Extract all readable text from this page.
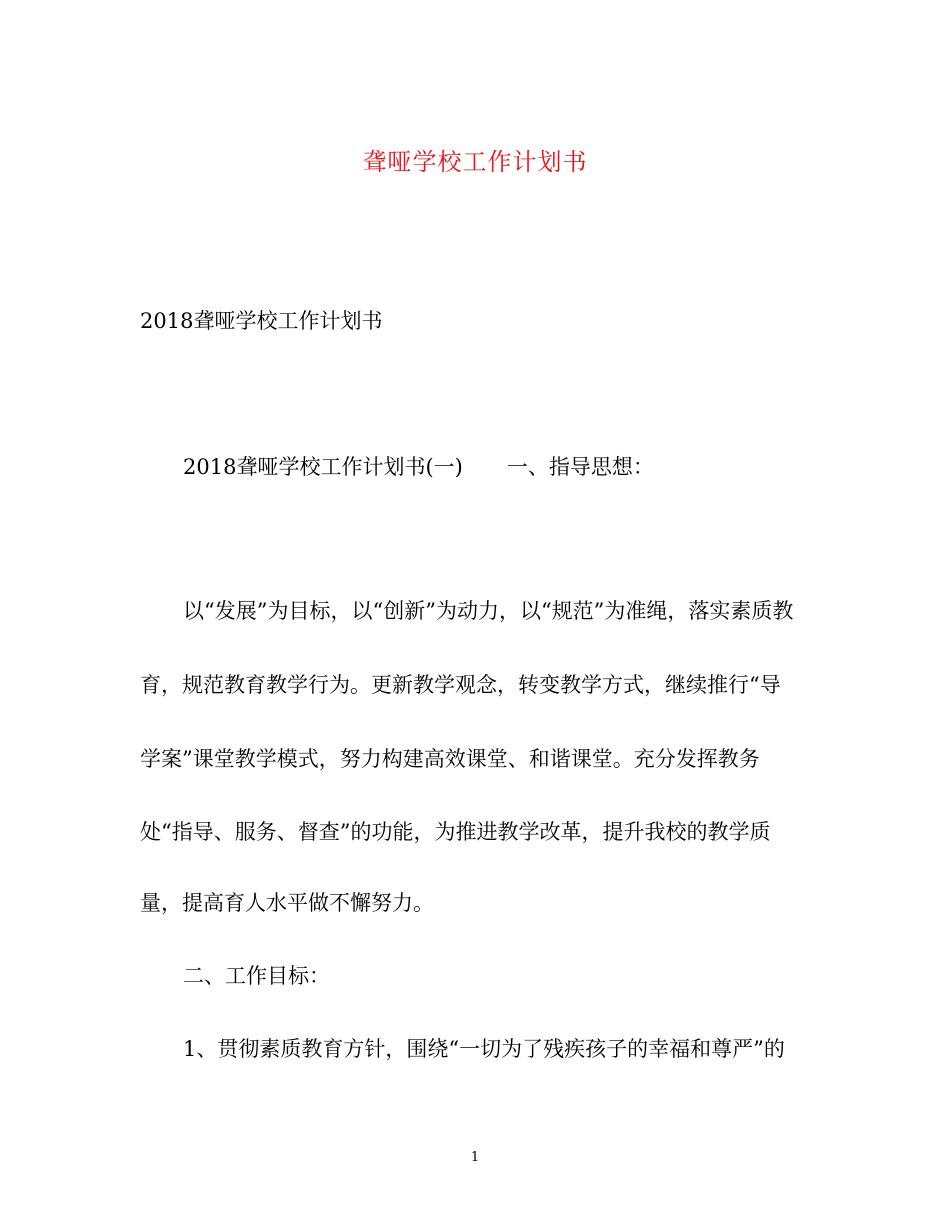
聋哑学校工作计划书
2018聋哑学校工作计划书
2018聋哑学校工作计划书(一) 一、指导思想：
以“发展”为目标，以“创新”为动力，以“规范”为准绳，落实素质教
育，规范教育教学行为。更新教学观念，转变教学方式，继续推行“导
学案”课堂教学模式，努力构建高效课堂、和谐课堂。充分发挥教务
处“指导、服务、督查”的功能，为推进教学改革，提升我校的教学质
量，提高育人水平做不懈努力。
二、工作目标：
1、贯彻素质教育方针，围绕“一切为了残疾孩子的幸福和尊严”的
1
